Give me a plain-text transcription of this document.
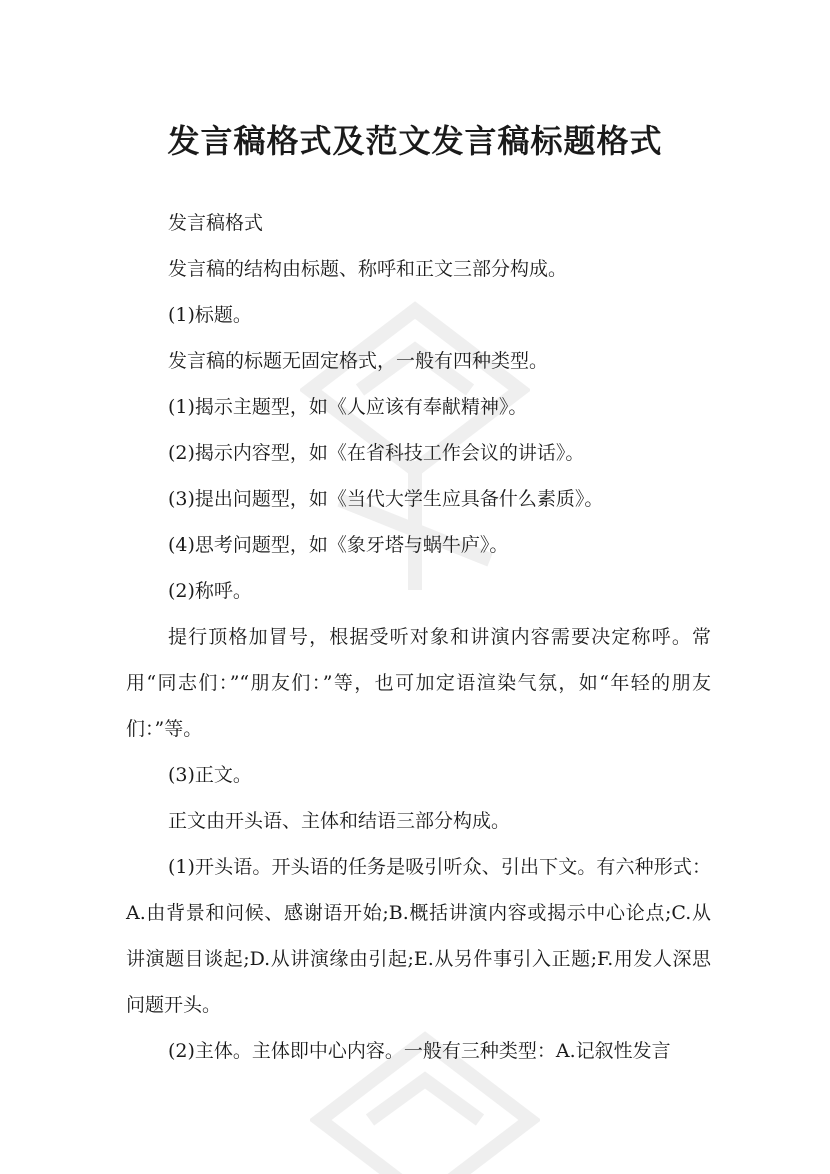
发言稿格式及范文发言稿标题格式

发言稿格式

发言稿的结构由标题、称呼和正文三部分构成。

(1)标题。

发言稿的标题无固定格式，一般有四种类型。

(1)揭示主题型，如《人应该有奉献精神》。

(2)揭示内容型，如《在省科技工作会议的讲话》。

(3)提出问题型，如《当代大学生应具备什么素质》。

(4)思考问题型，如《象牙塔与蜗牛庐》。

(2)称呼。

提行顶格加冒号，根据受听对象和讲演内容需要决定称呼。常用“同志们：”“朋友们：”等，也可加定语渲染气氛，如“年轻的朋友们：”等。

(3)正文。

正文由开头语、主体和结语三部分构成。

(1)开头语。开头语的任务是吸引听众、引出下文。有六种形式：A.由背景和问候、感谢语开始;B.概括讲演内容或揭示中心论点;C.从讲演题目谈起;D.从讲演缘由引起;E.从另件事引入正题;F.用发人深思问题开头。

(2)主体。主体即中心内容。一般有三种类型：A.记叙性发言
